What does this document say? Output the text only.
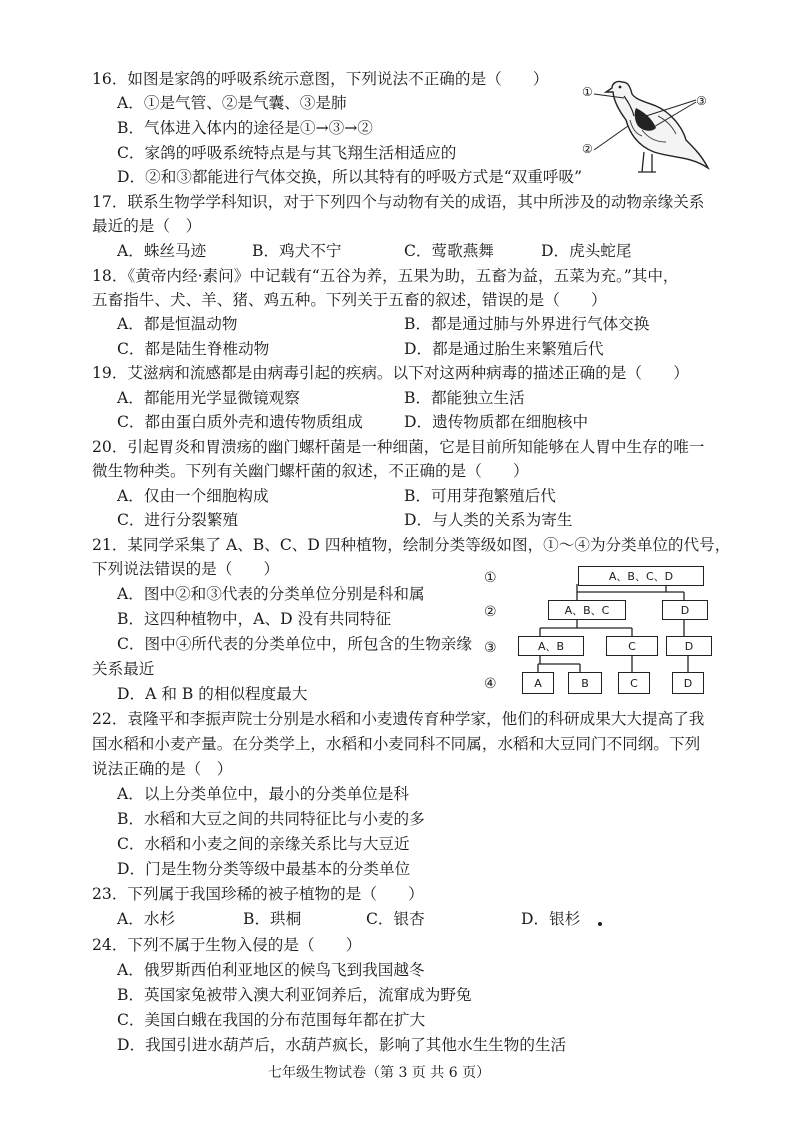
16．如图是家鸽的呼吸系统示意图，下列说法不正确的是（　　）
A．①是气管、②是气囊、③是肺
B．气体进入体内的途径是①→③→②
C．家鸽的呼吸系统特点是与其飞翔生活相适应的
D．②和③都能进行气体交换，所以其特有的呼吸方式是“双重呼吸”
①
②
③
17．联系生物学学科知识，对于下列四个与动物有关的成语，其中所涉及的动物亲缘关系
最近的是（　）
A．蛛丝马迹	B．鸡犬不宁	C．莺歌燕舞	D．虎头蛇尾
18．《黄帝内经·素问》中记载有“五谷为养，五果为助，五畜为益，五菜为充。”其中，
五畜指牛、犬、羊、猪、鸡五种。下列关于五畜的叙述，错误的是（　　）
A．都是恒温动物	B．都是通过肺与外界进行气体交换
C．都是陆生脊椎动物	D．都是通过胎生来繁殖后代
19．艾滋病和流感都是由病毒引起的疾病。以下对这两种病毒的描述正确的是（　　）
A．都能用光学显微镜观察	B．都能独立生活
C．都由蛋白质外壳和遗传物质组成	D．遗传物质都在细胞核中
20．引起胃炎和胃溃疡的幽门螺杆菌是一种细菌，它是目前所知能够在人胃中生存的唯一
微生物种类。下列有关幽门螺杆菌的叙述，不正确的是（　　）
A．仅由一个细胞构成	B．可用芽孢繁殖后代
C．进行分裂繁殖	D．与人类的关系为寄生
21．某同学采集了 A、B、C、D 四种植物，绘制分类等级如图，①～④为分类单位的代号，
下列说法错误的是（　　）
A．图中②和③代表的分类单位分别是科和属
B．这四种植物中，A、D 没有共同特征
C．图中④所代表的分类单位中，所包含的生物亲缘
关系最近
D．A 和 B 的相似程度最大
①
②
③
④
A、B、C、D
A、B、C	D
A、B	C	D
A	B	C	D
22．袁隆平和李振声院士分别是水稻和小麦遗传育种学家，他们的科研成果大大提高了我
国水稻和小麦产量。在分类学上，水稻和小麦同科不同属，水稻和大豆同门不同纲。下列
说法正确的是（　）
A．以上分类单位中，最小的分类单位是科
B．水稻和大豆之间的共同特征比与小麦的多
C．水稻和小麦之间的亲缘关系比与大豆近
D．门是生物分类等级中最基本的分类单位
23．下列属于我国珍稀的被子植物的是（　　）
A．水杉	B．珙桐	C．银杏	D．银杉
24．下列不属于生物入侵的是（　　）
A．俄罗斯西伯利亚地区的候鸟飞到我国越冬
B．英国家兔被带入澳大利亚饲养后，流窜成为野兔
C．美国白蛾在我国的分布范围每年都在扩大
D．我国引进水葫芦后，水葫芦疯长，影响了其他水生生物的生活
七年级生物试卷（第 3 页 共 6 页）
